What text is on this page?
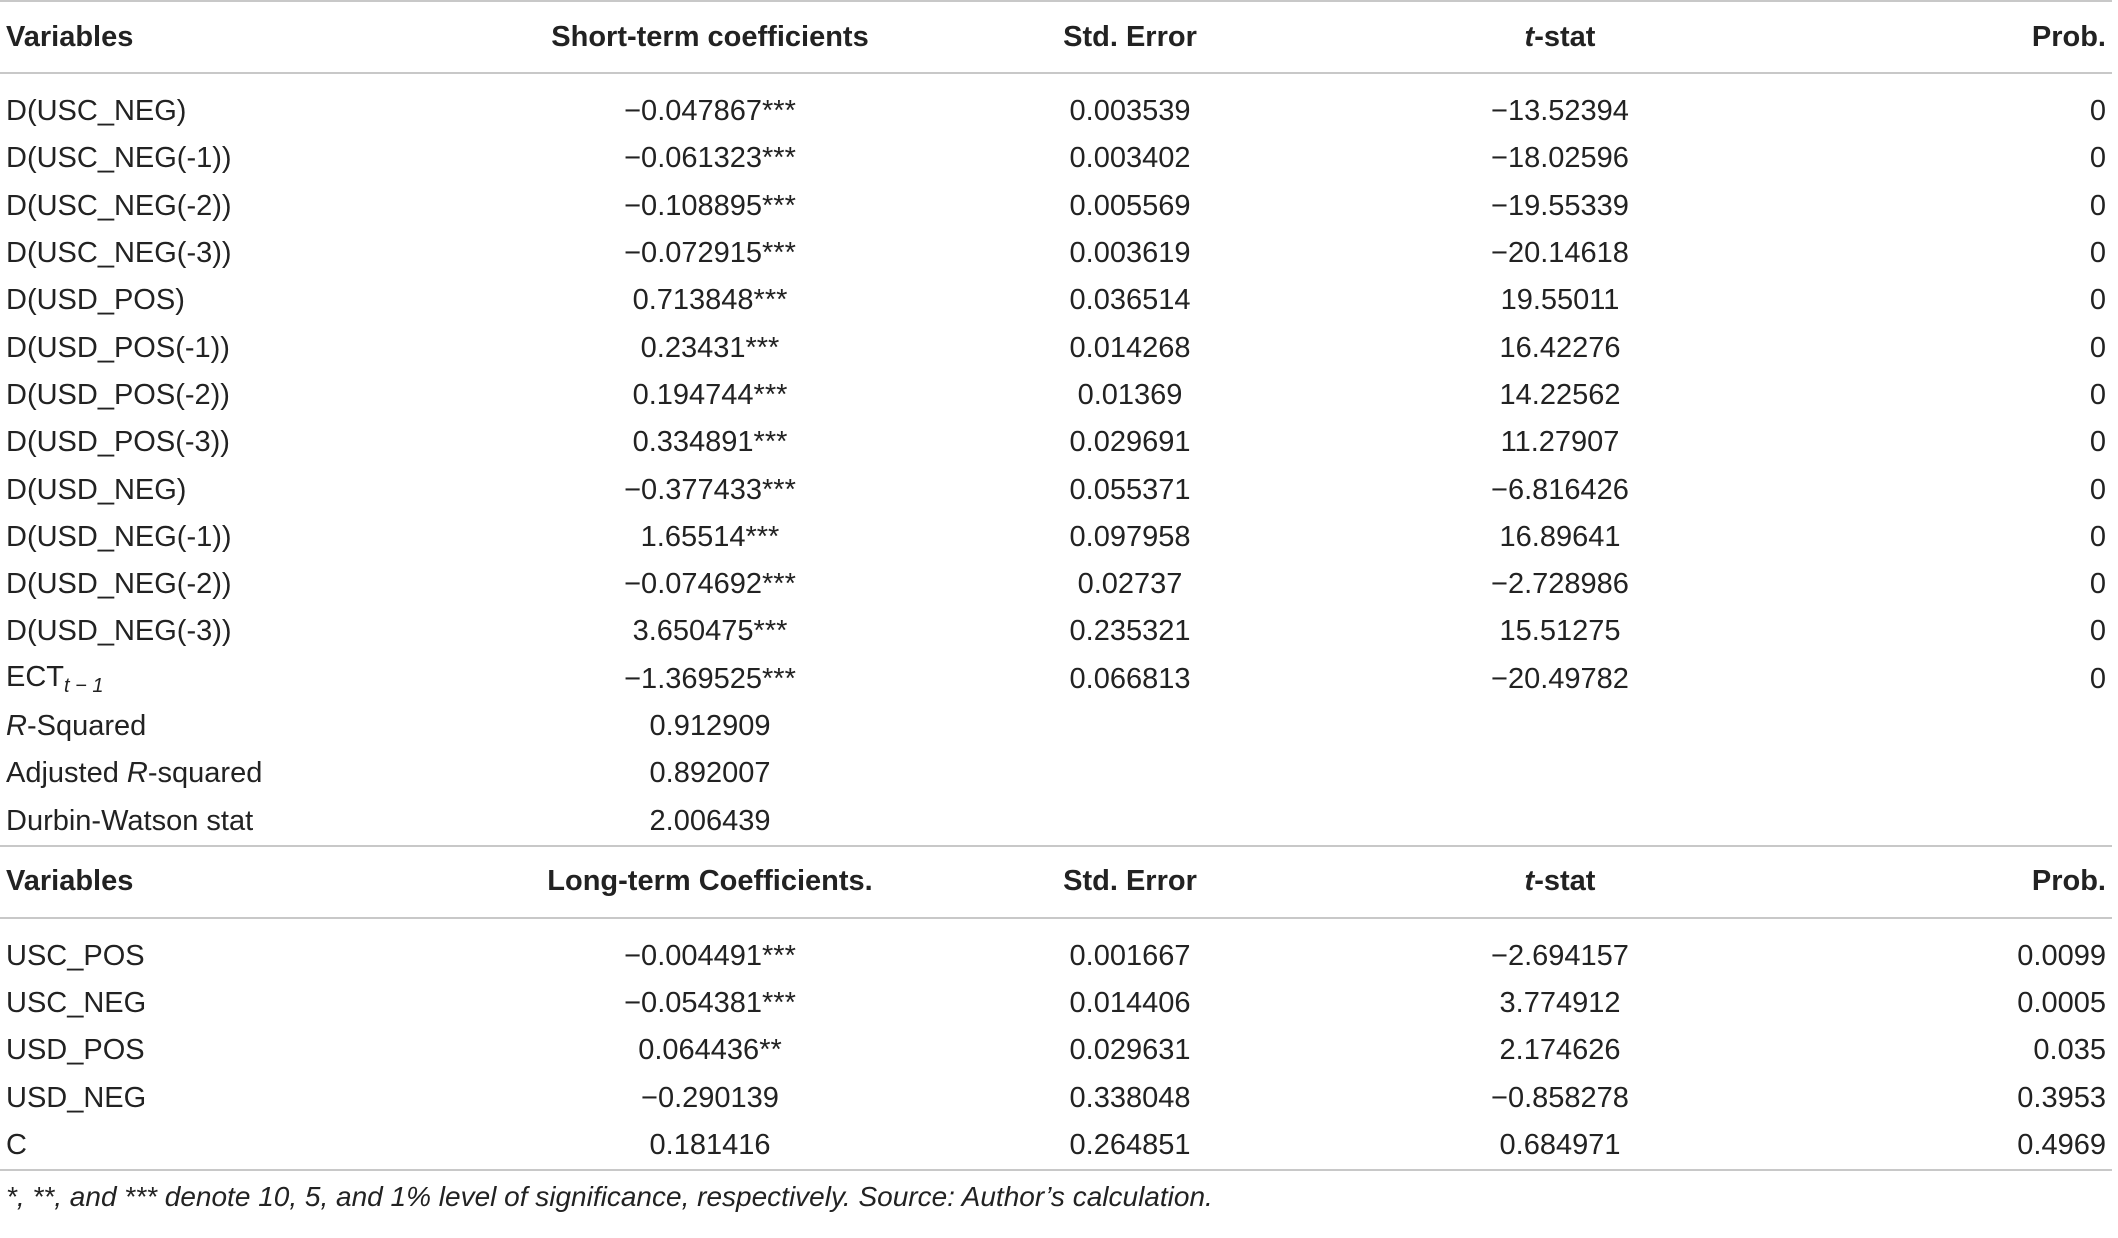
Variables	Short-term coefficients	Std. Error	t-stat	Prob.
D(USC_NEG)	−0.047867***	0.003539	−13.52394	0
D(USC_NEG(-1))	−0.061323***	0.003402	−18.02596	0
D(USC_NEG(-2))	−0.108895***	0.005569	−19.55339	0
D(USC_NEG(-3))	−0.072915***	0.003619	−20.14618	0
D(USD_POS)	0.713848***	0.036514	19.55011	0
D(USD_POS(-1))	0.23431***	0.014268	16.42276	0
D(USD_POS(-2))	0.194744***	0.01369	14.22562	0
D(USD_POS(-3))	0.334891***	0.029691	11.27907	0
D(USD_NEG)	−0.377433***	0.055371	−6.816426	0
D(USD_NEG(-1))	1.65514***	0.097958	16.89641	0
D(USD_NEG(-2))	−0.074692***	0.02737	−2.728986	0
D(USD_NEG(-3))	3.650475***	0.235321	15.51275	0
$ECT_{t - 1}$	−1.369525***	0.066813	−20.49782	0
R-Squared	0.912909			
Adjusted R-squared	0.892007			
Durbin-Watson stat	2.006439			
Variables	Long-term Coefficients.	Std. Error	t-stat	Prob.
USC_POS	−0.004491***	0.001667	−2.694157	0.0099
USC_NEG	−0.054381***	0.014406	3.774912	0.0005
USD_POS	0.064436**	0.029631	2.174626	0.035
USD_NEG	−0.290139	0.338048	−0.858278	0.3953
C	0.181416	0.264851	0.684971	0.4969
*, **, and *** denote 10, 5, and 1% level of significance, respectively. Source: Author’s calculation.
